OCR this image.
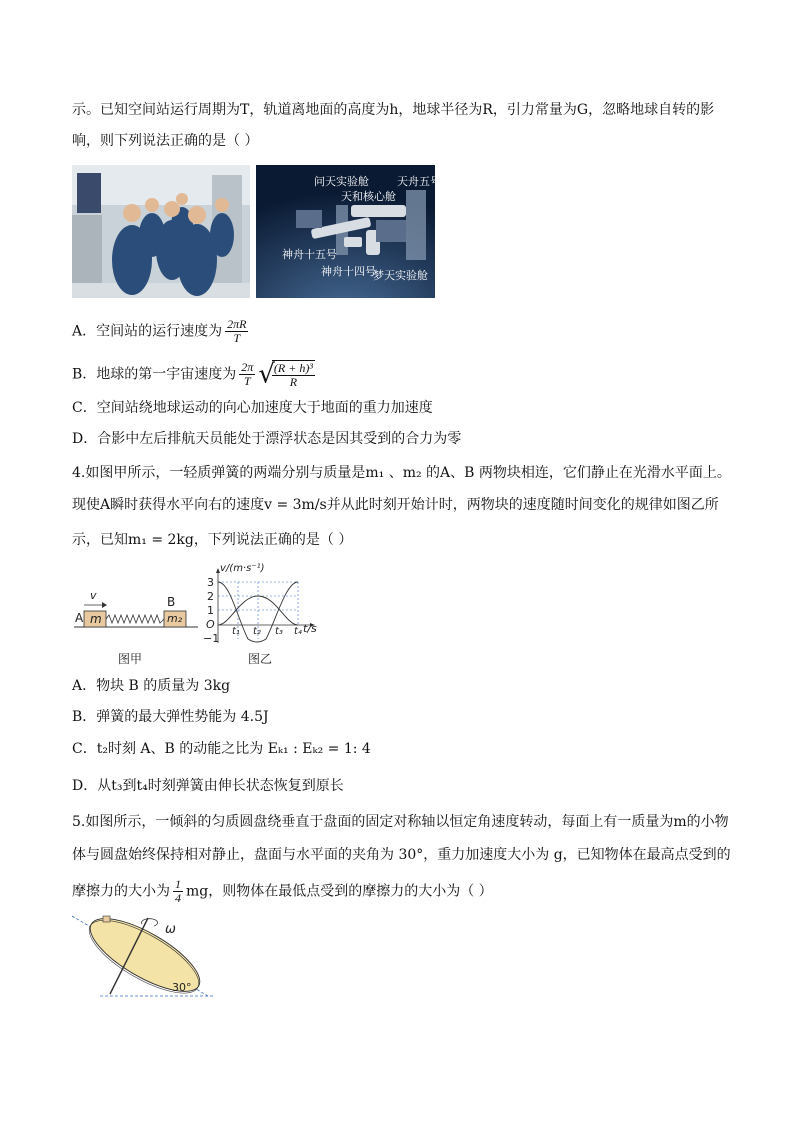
示。已知空间站运行周期为T，轨道离地面的高度为h，地球半径为R，引力常量为G，忽略地球自转的影
响，则下列说法正确的是（ ）
问天实验舱
天和核心舱
天舟五号
神舟十五号
神舟十四号
梦天实验舱
A．空间站的运行速度为 $\frac{2\pi R}{T}$
B．地球的第一宇宙速度为 $\frac{2\pi}{T}$ √
$\frac{\text{(R + h)³}}{R}$
C．空间站绕地球运动的向心加速度大于地面的重力加速度
D．合影中左后排航天员能处于漂浮状态是因其受到的合力为零
4.如图甲所示，一轻质弹簧的两端分别与质量是m₁ 、m₂ 的A、B 两物块相连，它们静止在光滑水平面上。
现使A瞬时获得水平向右的速度v = 3m/s并从此时刻开始计时，两物块的速度随时间变化的规律如图乙所
示，已知m₁ = 2kg，下列说法正确的是（ ）
v
A
B
m	m₂
图甲
v/(m·s⁻¹)
3
2
1
O
−1
t₁ t₂ t₃ t₄ t/s
图乙
A．物块 B 的质量为 3kg
B．弹簧的最大弹性势能为 4.5J
C．t₂时刻 A、B 的动能之比为 Eₖ₁ : Eₖ₂ = 1: 4
D．从t₃到t₄时刻弹簧由伸长状态恢复到原长
5.如图所示，一倾斜的匀质圆盘绕垂直于盘面的固定对称轴以恒定角速度转动，每面上有一质量为m的小物
体与圆盘始终保持相对静止，盘面与水平面的夹角为 30°，重力加速度大小为 g，已知物体在最高点受到的
摩擦力的大小为 $\frac{1}{4}$ mg，则物体在最低点受到的摩擦力的大小为（ ）
ω
30°
